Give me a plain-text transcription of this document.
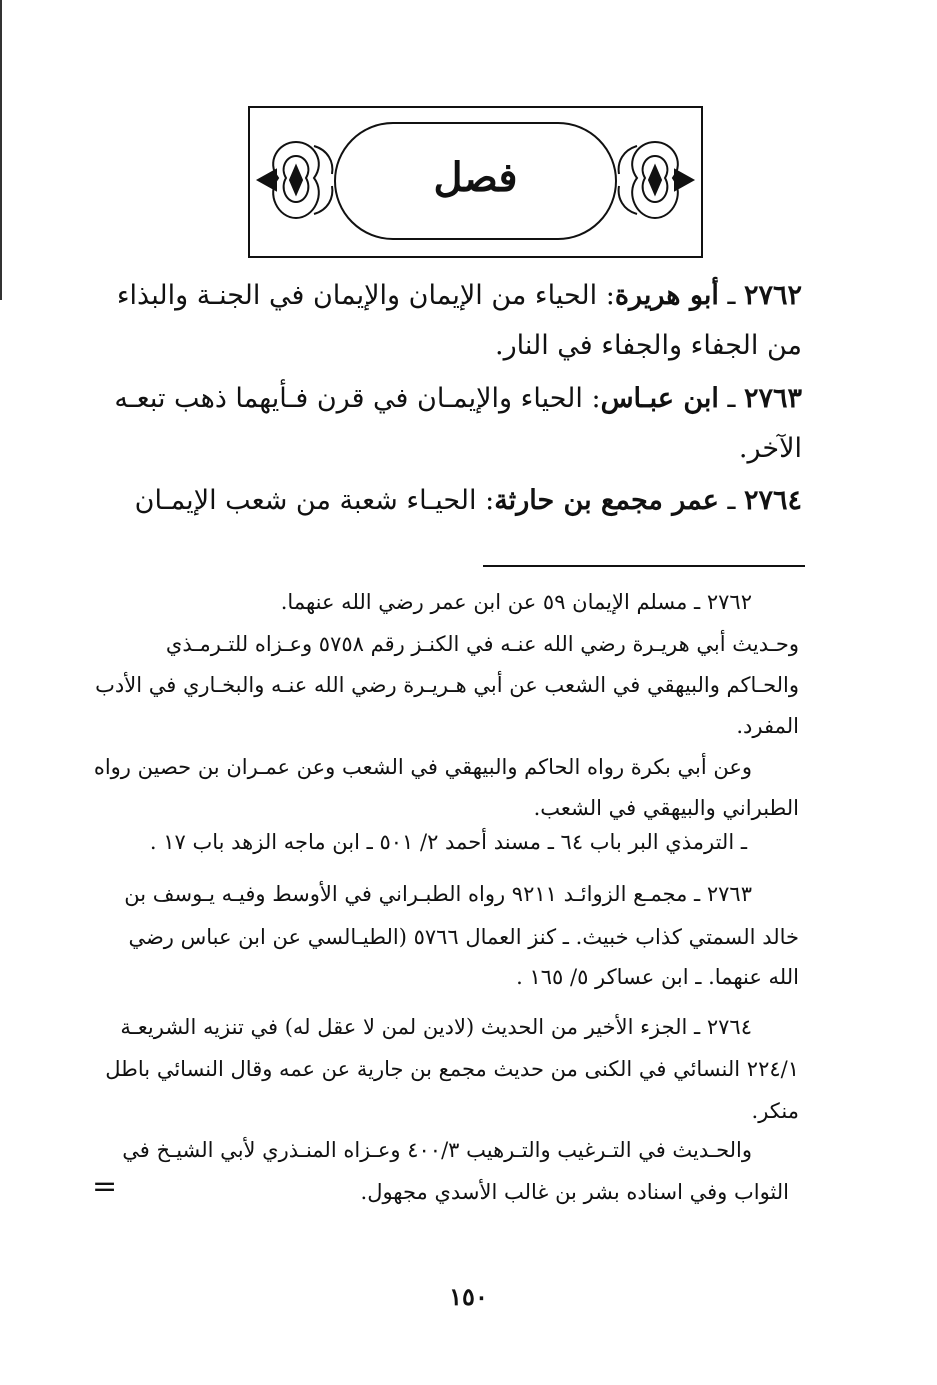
فصل
٢٧٦٢ ـ أبو هريرة: الحياء من الإيمان والإيمان في الجنـة والبذاء
من الجفاء والجفاء في النار.
٢٧٦٣ ـ ابن عبـاس: الحياء والإيمـان في قرن فـأيهما ذهب تبعـه
الآخر.
٢٧٦٤ ـ عمر مجمع بن حارثة: الحيـاء شعبة من شعب الإيمـان
٢٧٦٢ ـ مسلم الإيمان ٥٩ عن ابن عمر رضي الله عنهما.
وحـديث أبي هريـرة رضي الله عنـه في الكنـز رقم ٥٧٥٨ وعـزاه للتـرمـذي
والحـاكم والبيهقي في الشعب عن أبي هـريـرة رضي الله عنـه والبخـاري في الأدب
المفرد.
وعن أبي بكرة رواه الحاكم والبيهقي في الشعب وعن عمـران بن حصين رواه
الطبراني والبيهقي في الشعب.
ـ الترمذي البر باب ٦٤ ـ مسند أحمد ٢/ ٥٠١ ـ ابن ماجه الزهد باب ١٧ .
٢٧٦٣ ـ مجمـع الزوائـد ٩٢١١ رواه الطبـراني في الأوسط وفيـه يـوسف بن
خالد السمتي كذاب خبيث. ـ كنز العمال ٥٧٦٦ (الطيـالسي عن ابن عباس رضي
الله عنهما. ـ ابن عساكر ٥/ ١٦٥ .
٢٧٦٤ ـ الجزء الأخير من الحديث (لادين لمن لا عقل له) في تنزيه الشريعـة
٢٢٤/١ النسائي في الكنى من حديث مجمع بن جارية عن عمه وقال النسائي باطل
منكر.
والحـديث في التـرغيب والتـرهيب ٤٠٠/٣ وعـزاه المنـذري لأبي الشيـخ في
الثواب وفي اسناده بشر بن غالب الأسدي مجهول.
=
١٥٠
